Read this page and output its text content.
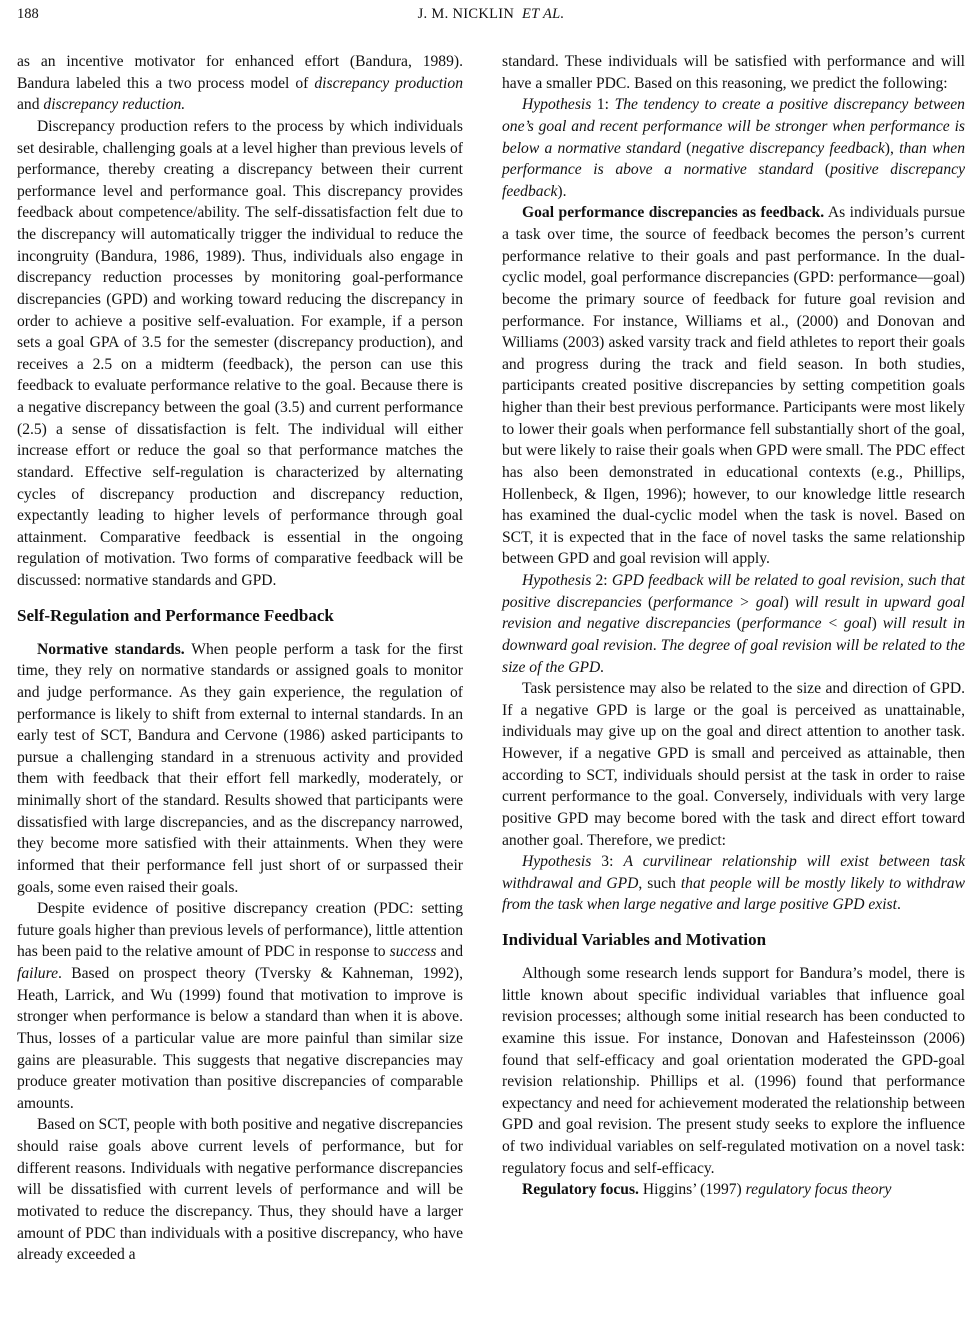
188	J. M. NICKLIN ET AL.

as an incentive motivator for enhanced effort (Bandura, 1989). Bandura labeled this a two process model of discrepancy production and discrepancy reduction.

Discrepancy production refers to the process by which individuals set desirable, challenging goals at a level higher than previous levels of performance, thereby creating a discrepancy between their current performance level and performance goal. This discrepancy provides feedback about competence/ability. The self-dissatisfaction felt due to the discrepancy will automatically trigger the individual to reduce the incongruity (Bandura, 1986, 1989). Thus, individuals also engage in discrepancy reduction processes by monitoring goal-performance discrepancies (GPD) and working toward reducing the discrepancy in order to achieve a positive self-evaluation. For example, if a person sets a goal GPA of 3.5 for the semester (discrepancy production), and receives a 2.5 on a midterm (feedback), the person can use this feedback to evaluate performance relative to the goal. Because there is a negative discrepancy between the goal (3.5) and current performance (2.5) a sense of dissatisfaction is felt. The individual will either increase effort or reduce the goal so that performance matches the standard. Effective self-regulation is characterized by alternating cycles of discrepancy production and discrepancy reduction, expectantly leading to higher levels of performance through goal attainment. Comparative feedback is essential in the ongoing regulation of motivation. Two forms of comparative feedback will be discussed: normative standards and GPD.

Self-Regulation and Performance Feedback

Normative standards. When people perform a task for the first time, they rely on normative standards or assigned goals to monitor and judge performance. As they gain experience, the regulation of performance is likely to shift from external to internal standards. In an early test of SCT, Bandura and Cervone (1986) asked participants to pursue a challenging standard in a strenuous activity and provided them with feedback that their effort fell markedly, moderately, or minimally short of the standard. Results showed that participants were dissatisfied with large discrepancies, and as the discrepancy narrowed, they become more satisfied with their attainments. When they were informed that their performance fell just short of or surpassed their goals, some even raised their goals.

Despite evidence of positive discrepancy creation (PDC: setting future goals higher than previous levels of performance), little attention has been paid to the relative amount of PDC in response to success and failure. Based on prospect theory (Tversky & Kahneman, 1992), Heath, Larrick, and Wu (1999) found that motivation to improve is stronger when performance is below a standard than when it is above. Thus, losses of a particular value are more painful than similar size gains are pleasurable. This suggests that negative discrepancies may produce greater motivation than positive discrepancies of comparable amounts.

Based on SCT, people with both positive and negative discrepancies should raise goals above current levels of performance, but for different reasons. Individuals with negative performance discrepancies will be dissatisfied with current levels of performance and will be motivated to reduce the discrepancy. Thus, they should have a larger amount of PDC than individuals with a positive discrepancy, who have already exceeded a

standard. These individuals will be satisfied with performance and will have a smaller PDC. Based on this reasoning, we predict the following:

Hypothesis 1: The tendency to create a positive discrepancy between one’s goal and recent performance will be stronger when performance is below a normative standard (negative discrepancy feedback), than when performance is above a normative standard (positive discrepancy feedback).

Goal performance discrepancies as feedback. As individuals pursue a task over time, the source of feedback becomes the person’s current performance relative to their goals and past performance. In the dual-cyclic model, goal performance discrepancies (GPD: performance—goal) become the primary source of feedback for future goal revision and performance. For instance, Williams et al., (2000) and Donovan and Williams (2003) asked varsity track and field athletes to report their goals and progress during the track and field season. In both studies, participants created positive discrepancies by setting competition goals higher than their best previous performance. Participants were most likely to lower their goals when performance fell substantially short of the goal, but were likely to raise their goals when GPD were small. The PDC effect has also been demonstrated in educational contexts (e.g., Phillips, Hollenbeck, & Ilgen, 1996); however, to our knowledge little research has examined the dual-cyclic model when the task is novel. Based on SCT, it is expected that in the face of novel tasks the same relationship between GPD and goal revision will apply.

Hypothesis 2: GPD feedback will be related to goal revision, such that positive discrepancies (performance > goal) will result in upward goal revision and negative discrepancies (performance < goal) will result in downward goal revision. The degree of goal revision will be related to the size of the GPD.

Task persistence may also be related to the size and direction of GPD. If a negative GPD is large or the goal is perceived as unattainable, individuals may give up on the goal and direct attention to another task. However, if a negative GPD is small and perceived as attainable, then according to SCT, individuals should persist at the task in order to raise current performance to the goal. Conversely, individuals with very large positive GPD may become bored with the task and direct effort toward another goal. Therefore, we predict:

Hypothesis 3: A curvilinear relationship will exist between task withdrawal and GPD, such that people will be mostly likely to withdraw from the task when large negative and large positive GPD exist.

Individual Variables and Motivation

Although some research lends support for Bandura’s model, there is little known about specific individual variables that influence goal revision processes; although some initial research has been conducted to examine this issue. For instance, Donovan and Hafesteinsson (2006) found that self-efficacy and goal orientation moderated the GPD-goal revision relationship. Phillips et al. (1996) found that performance expectancy and need for achievement moderated the relationship between GPD and goal revision. The present study seeks to explore the influence of two individual variables on self-regulated motivation on a novel task: regulatory focus and self-efficacy.

Regulatory focus. Higgins’ (1997) regulatory focus theory
